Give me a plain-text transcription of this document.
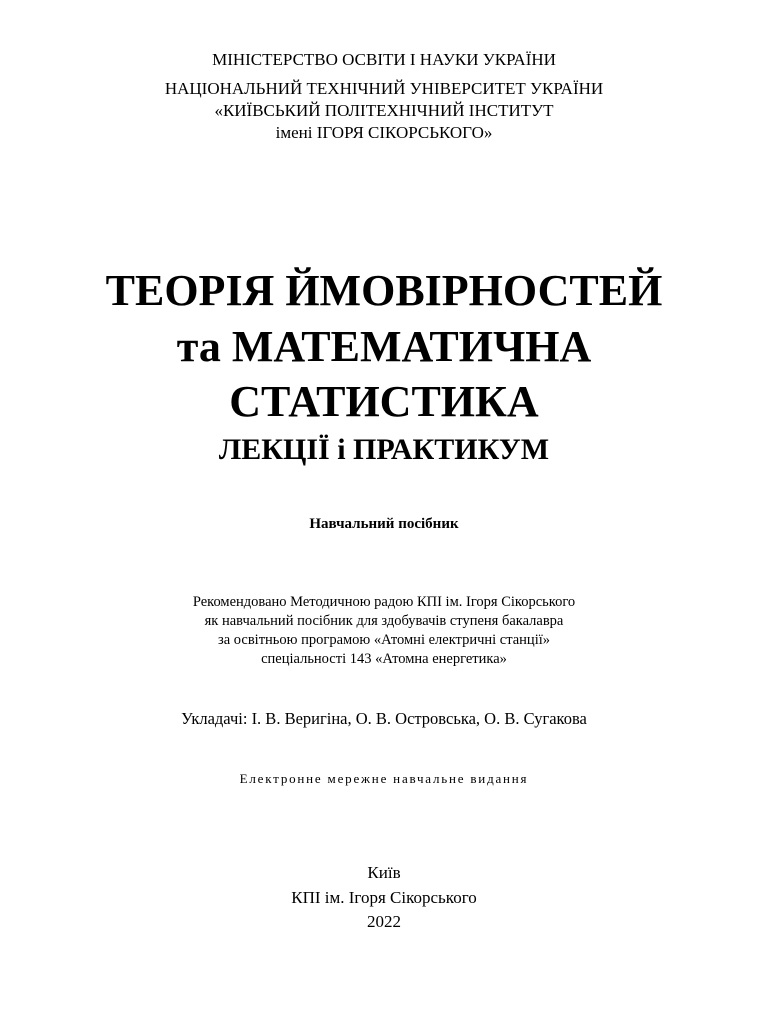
МІНІСТЕРСТВО ОСВІТИ І НАУКИ УКРАЇНИ
НАЦІОНАЛЬНИЙ ТЕХНІЧНИЙ УНІВЕРСИТЕТ УКРАЇНИ
«КИЇВСЬКИЙ ПОЛІТЕХНІЧНИЙ ІНСТИТУТ
імені ІГОРЯ СІКОРСЬКОГО»
ТЕОРІЯ ЙМОВІРНОСТЕЙ
та МАТЕМАТИЧНА
СТАТИСТИКА
ЛЕКЦІЇ і ПРАКТИКУМ
Навчальний посібник
Рекомендовано Методичною радою КПІ ім. Ігоря Сікорського
як навчальний посібник для здобувачів ступеня бакалавра
за освітньою програмою «Атомні електричні станції»
спеціальності 143 «Атомна енергетика»
Укладачі: І. В. Веригіна, О. В. Островська, О. В. Сугакова
Електронне мережне навчальне видання
Київ
КПІ ім. Ігоря Сікорського
2022
